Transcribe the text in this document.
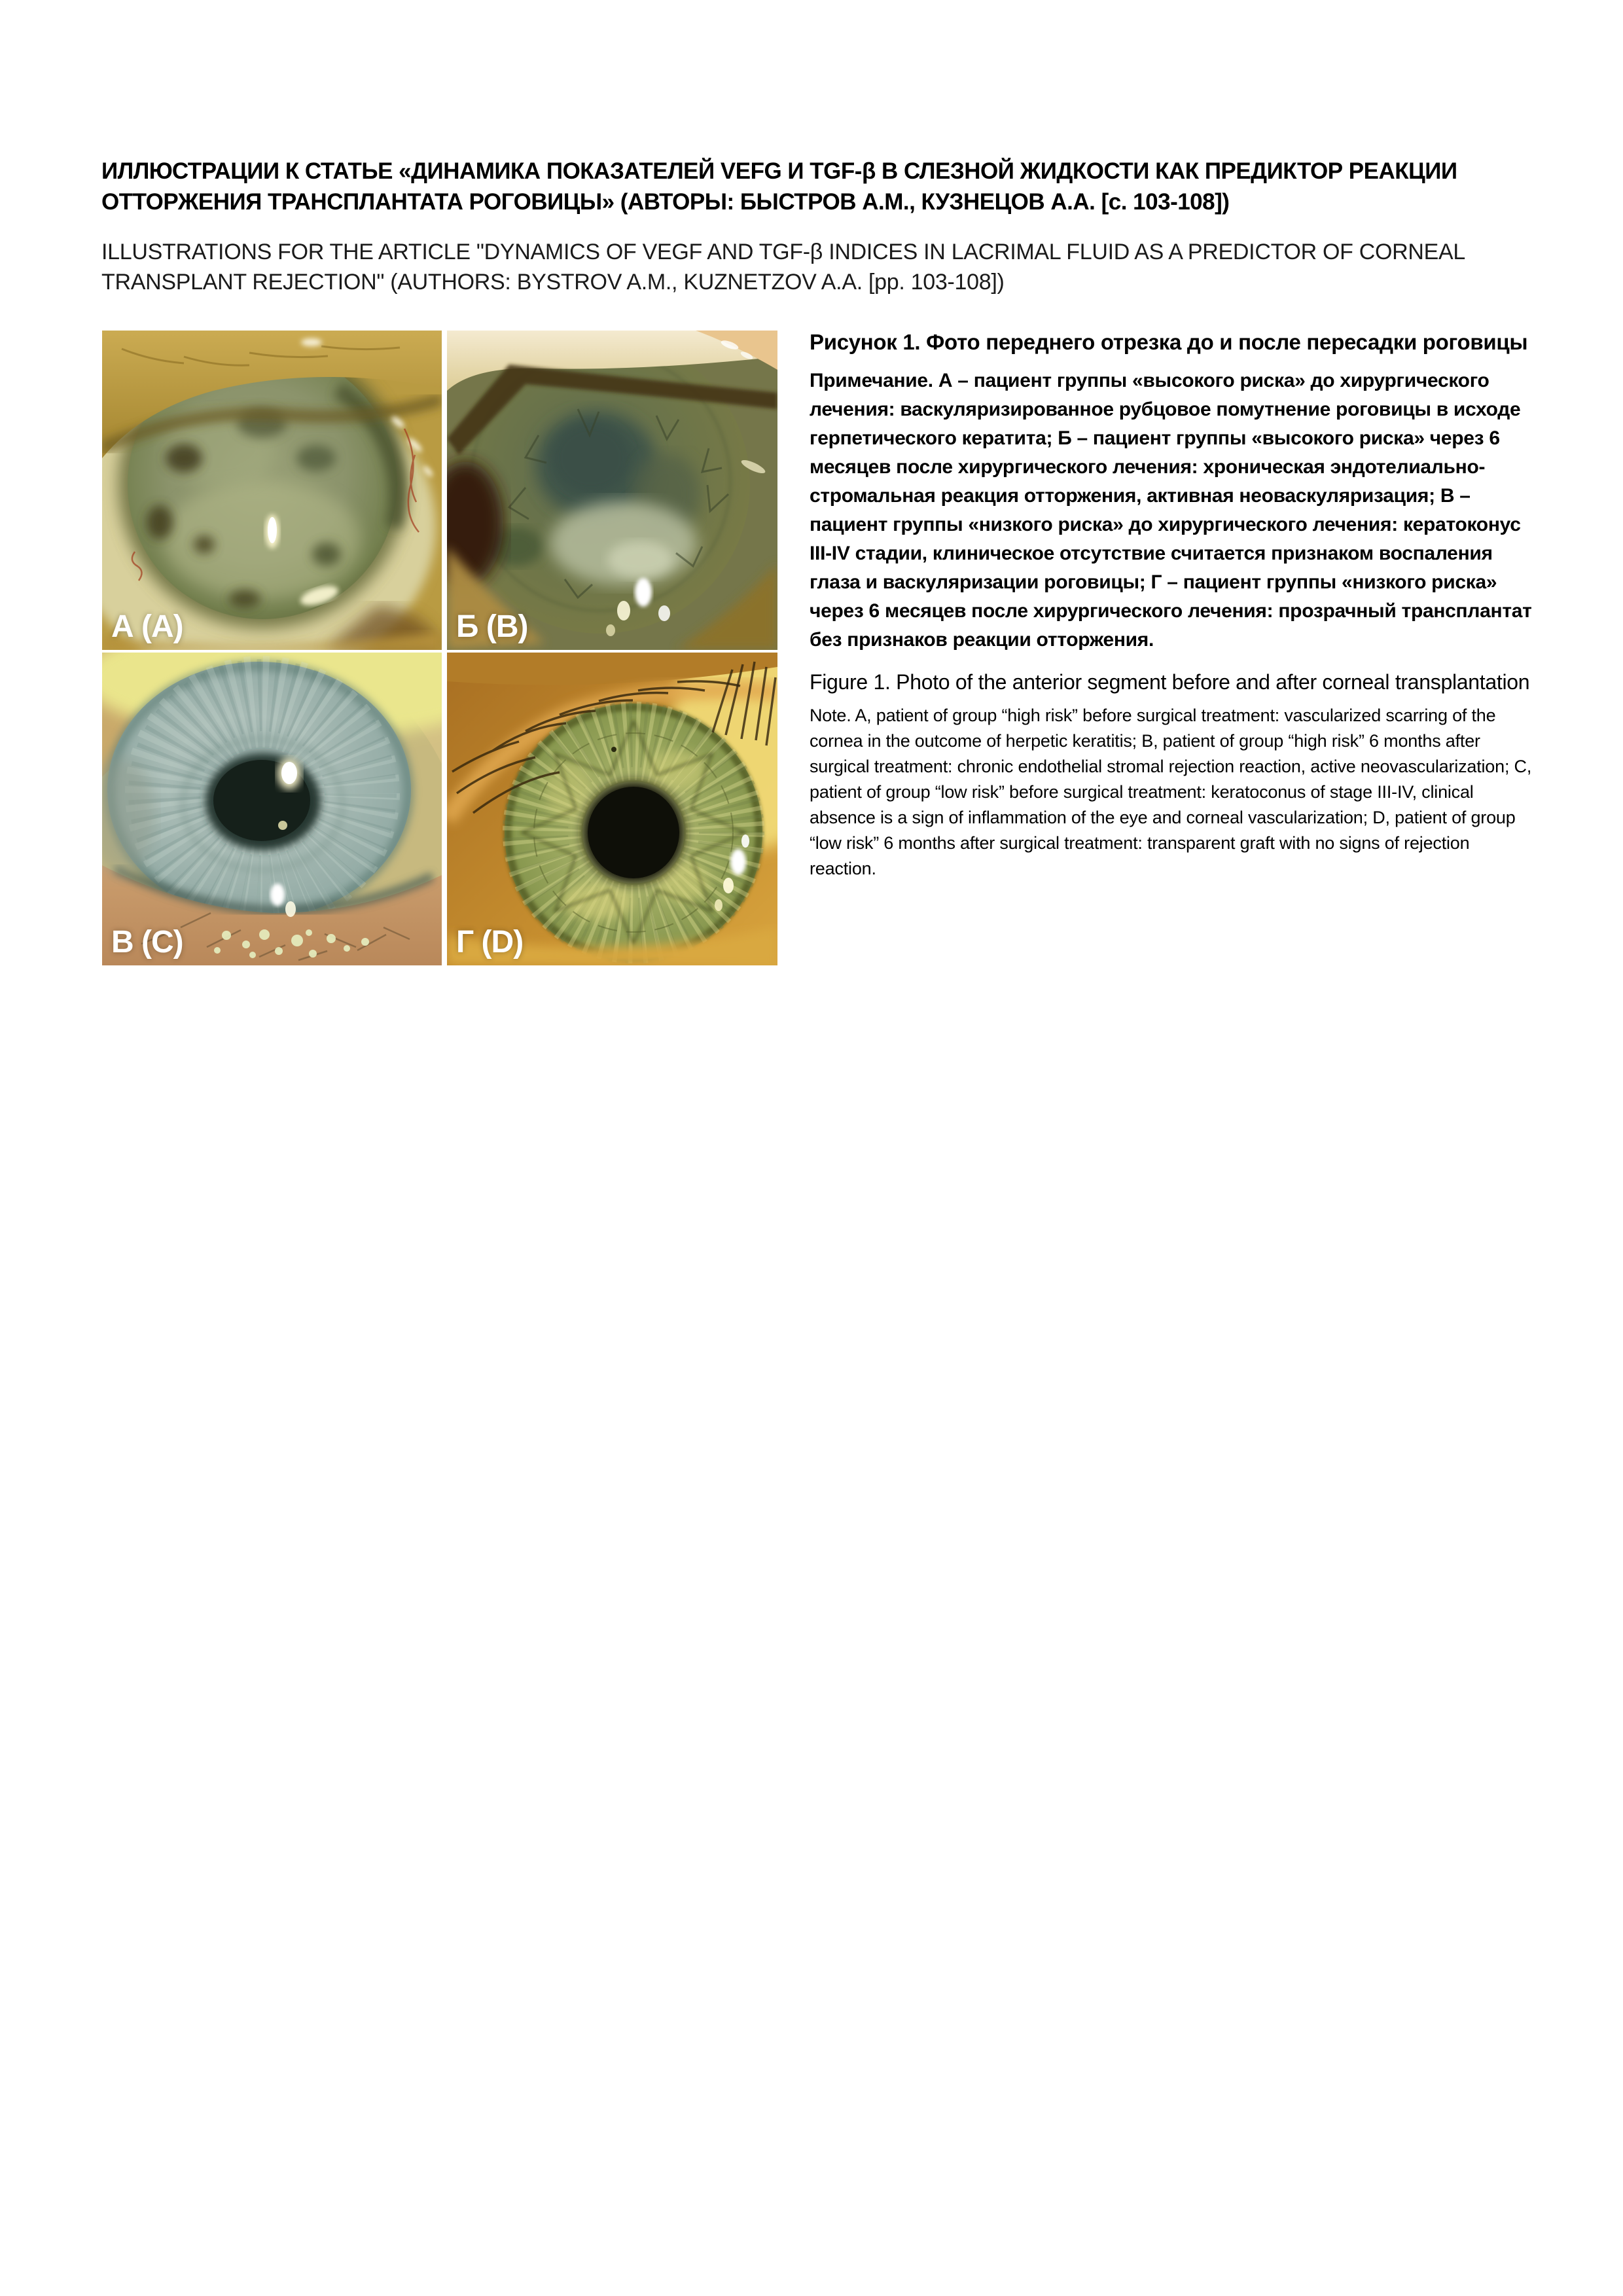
ИЛЛЮСТРАЦИИ К СТАТЬЕ «ДИНАМИКА ПОКАЗАТЕЛЕЙ VEFG И TGF-β В СЛЕЗНОЙ ЖИДКОСТИ КАК ПРЕДИКТОР РЕАКЦИИ
ОТТОРЖЕНИЯ ТРАНСПЛАНТАТА РОГОВИЦЫ» (АВТОРЫ: БЫСТРОВ А.М., КУЗНЕЦОВ А.А. [с. 103-108])
ILLUSTRATIONS FOR THE ARTICLE "DYNAMICS OF VEGF AND TGF-β INDICES IN LACRIMAL FLUID AS A PREDICTOR OF CORNEAL
TRANSPLANT REJECTION" (AUTHORS: BYSTROV A.M., KUZNETZOV A.A. [pp. 103-108])
А (A)	Б (B)
В (C)	Г (D)
Рисунок 1. Фото переднего отрезка до и после пересадки роговицы

Примечание. А – пациент группы «высокого риска» до хирургического лечения: васкуляризированное рубцовое помутнение роговицы в исходе герпетического кератита; Б – пациент группы «высокого риска» через 6 месяцев после хирургического лечения: хроническая эндотелиально-стромальная реакция отторжения, активная неоваскуляризация; В – пациент группы «низкого риска» до хирургического лечения: кератоконус III-IV стадии, клиническое отсутствие считается признаком воспаления глаза и васкуляризации роговицы; Г – пациент группы «низкого риска» через 6 месяцев после хирургического лечения: прозрачный трансплантат без признаков реакции отторжения.

Figure 1. Photo of the anterior segment before and after corneal transplantation

Note. A, patient of group “high risk” before surgical treatment: vascularized scarring of the cornea in the outcome of herpetic keratitis; B, patient of group “high risk” 6 months after surgical treatment: chronic endothelial stromal rejection reaction, active neovascularization; C, patient of group “low risk” before surgical treatment: keratoconus of stage III-IV, clinical absence is a sign of inflammation of the eye and corneal vascularization; D, patient of group “low risk” 6 months after surgical treatment: transparent graft with no signs of rejection reaction.
